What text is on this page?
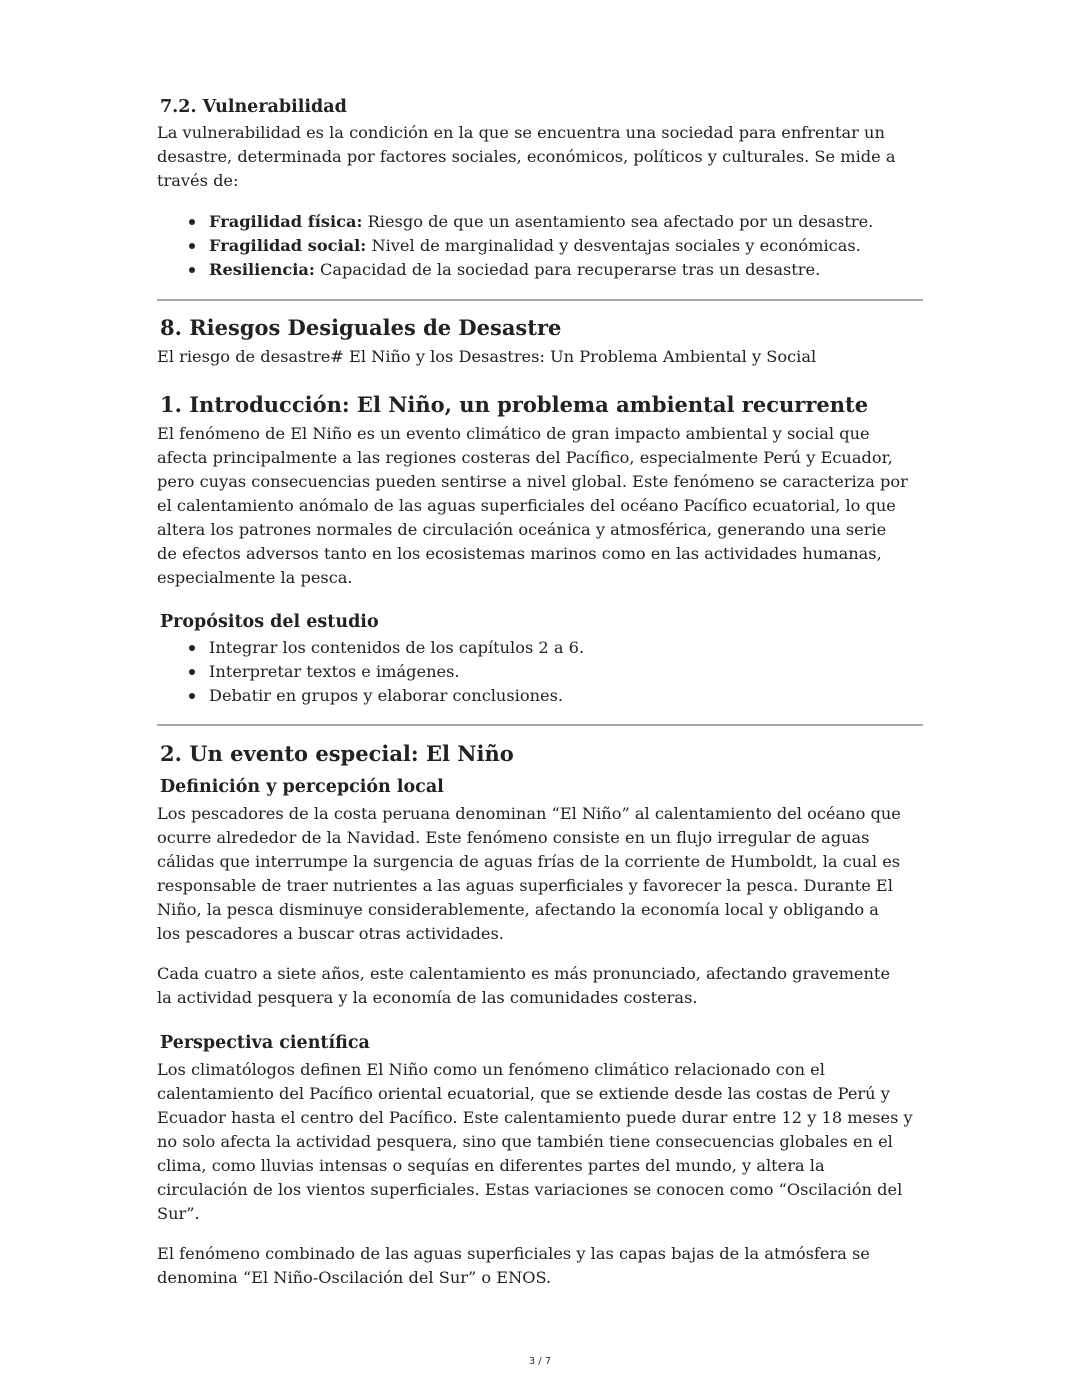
7.2. Vulnerabilidad
La vulnerabilidad es la condición en la que se encuentra una sociedad para enfrentar un
desastre, determinada por factores sociales, económicos, políticos y culturales. Se mide a
través de:
Fragilidad física: Riesgo de que un asentamiento sea afectado por un desastre.
Fragilidad social: Nivel de marginalidad y desventajas sociales y económicas.
Resiliencia: Capacidad de la sociedad para recuperarse tras un desastre.
8. Riesgos Desiguales de Desastre
El riesgo de desastre# El Niño y los Desastres: Un Problema Ambiental y Social
1. Introducción: El Niño, un problema ambiental recurrente
El fenómeno de El Niño es un evento climático de gran impacto ambiental y social que
afecta principalmente a las regiones costeras del Pacífico, especialmente Perú y Ecuador,
pero cuyas consecuencias pueden sentirse a nivel global. Este fenómeno se caracteriza por
el calentamiento anómalo de las aguas superficiales del océano Pacífico ecuatorial, lo que
altera los patrones normales de circulación oceánica y atmosférica, generando una serie
de efectos adversos tanto en los ecosistemas marinos como en las actividades humanas,
especialmente la pesca.
Propósitos del estudio
Integrar los contenidos de los capítulos 2 a 6.
Interpretar textos e imágenes.
Debatir en grupos y elaborar conclusiones.
2. Un evento especial: El Niño
Definición y percepción local
Los pescadores de la costa peruana denominan “El Niño” al calentamiento del océano que
ocurre alrededor de la Navidad. Este fenómeno consiste en un flujo irregular de aguas
cálidas que interrumpe la surgencia de aguas frías de la corriente de Humboldt, la cual es
responsable de traer nutrientes a las aguas superficiales y favorecer la pesca. Durante El
Niño, la pesca disminuye considerablemente, afectando la economía local y obligando a
los pescadores a buscar otras actividades.
Cada cuatro a siete años, este calentamiento es más pronunciado, afectando gravemente
la actividad pesquera y la economía de las comunidades costeras.
Perspectiva científica
Los climatólogos definen El Niño como un fenómeno climático relacionado con el
calentamiento del Pacífico oriental ecuatorial, que se extiende desde las costas de Perú y
Ecuador hasta el centro del Pacífico. Este calentamiento puede durar entre 12 y 18 meses y
no solo afecta la actividad pesquera, sino que también tiene consecuencias globales en el
clima, como lluvias intensas o sequías en diferentes partes del mundo, y altera la
circulación de los vientos superficiales. Estas variaciones se conocen como “Oscilación del
Sur”.
El fenómeno combinado de las aguas superficiales y las capas bajas de la atmósfera se
denomina “El Niño-Oscilación del Sur” o ENOS.
3 / 7
